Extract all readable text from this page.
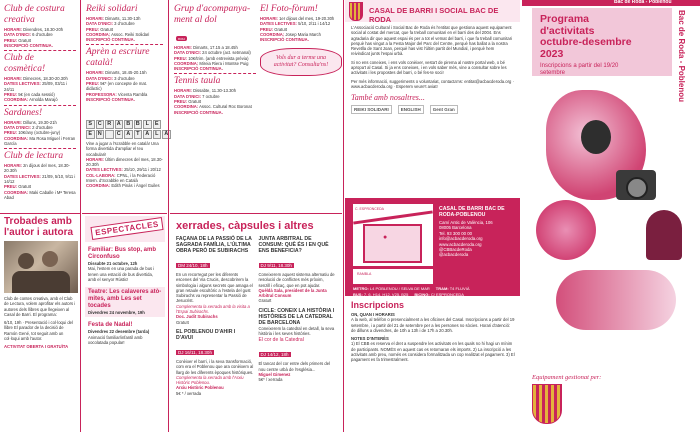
Club de costura creativa
HORARI: Divendres, 18.30-20h
DATA D'INICI: 6 d'octubre
PREU: Gratuït
INSCRIPCIÓ CONTINUA.
Club de cosmètica!
HORARI: Dimecres, 18.30-20.30h
DATES LECTIVES: 25/09, 03/11 i 24/11
PREU: 5€ (en cada sessió)
COORDINA: Arnolda Marajó
Sardanes!
HORARI: Dilluns, 19.30-21h
DATA D'INICI: 2 d'octubre
PREU: 10€/any (octubre-juny)
COORDINA: Ma Rosa Miguel i Ferran García
Club de lectura
HORARI: 2n dijous del mes, 18.30-20.30h
DATES LECTIVES: 21/09, 5/10, 9/11 i 14/12
PREU: Gratuït
COORDINA: Maki Caballe i Mª Teresa Abad
Trobades amb l'autor i autora
Club de contes creativa, amb el Club de Lectura, volem aprofitar els autors i autores dels llibres que llegeixen al Casal de Barri. El programa:
6/10, 19h · Presentació i col·loqui del llibre El parador de la decisió de Ramón Gené, tot seguit amb un col·loqui amb l'autor.
ACTIVITAT OBERTA I GRATUÏTA
Reiki solidari
HORARI: Dimarts, 11.30-13h
DATA D'INICI: 3 d'octubre
PREU: Gratuït
COORDINA: Assoc. Reiki Solidari
INSCRIPCIÓ CONTINUA.
Aprèn a escriure català!
HORARI: Dimarts, 18.45-20.15h
DATA D'INICI: 3 d'octubre
PREU: 5€* (en concepte de mat. didàctic)
PROFESSORA: Vicenta Rambla
INSCRIPCIÓ CONTINUA.
S	C	R	A	B	B	L	E
E	N	C	A	T	A	L	À
Vine a jugar a l'scrabble en català! Una forma divertida d'ampliar el teu vocabulari!
HORARI: Últim dimecres del mes, 18.30-20.30h
DATES LECTIVES: 25/10, 29/11 i 20/12
COL·LABORA: CPNL, i la Federació Intern. d'Scrabble en Català
COORDINA: Edith Pinás i Àngel Guiles
ESPECTACLES
Familiar: Bus stop, amb Circonfuso
Dissabte 21 octubre, 12h
Mai, l'estem en una parada de bus i tenen una estació de bus divertida, amb el senyor Rústic!
Teatre: Les calaveres atò-mites, amb Les set tocades
Divendres 24 novembre, 19h
Festa de Nadal!
Divendres 22 desembre (tarda)
Animació familiar/infantil amb xocolatada popular!
Grup d'acompanya-ment al dol
nou
HORARI: Dimarts, 17.15 a 18.45h
DATA D'INICI: 24 octubre (act. setmanal)
PREU: 10€/trim. (amb entrevista prèvia)
COORDINA: Mireia Riera i Montse Puig
INSCRIPCIÓ CONTINUA.
Tennis taula
HORARI: Dissabte, 11.30-13.30h
DATA D'INICI: 7 octubre
PREU: Gratuït
COORDINA: Assoc. Cultural Roc Boronat
INSCRIPCIÓ CONTINUA.
El Foto-fòrum!
HORARI: 1er dijous del mes, 19-20.30h
DATES LECTIVES: 5/10, 2/11 i 14/12
PREU: Gratuït
COORDINA: Josep Maria March
INSCRIPCIÓ CONTINUA.
Vols dur a terme una activitat? Consulta'ns!
xerrades, càpsules i altres
FAÇANA DE LA PASSIÓ DE LA SAGRADA FAMÍLIA, L'ÚLTIMA OBRA PERÒ DE SUBIRACHS
DM 24/10, 18h
En un recorregut per les diferents escenes del Via Crucis, descobrirem la simbologia i alguns secrets que amaga el gran retaule escultòric a l'estela del gust Subirachs va representar la Passió de Jesucrist.
Complementa la xerrada amb la visita a l'Espai Subirachs.
Doc. Judit Subirachs
Gratuït
EL POBLENOU D'AHIR I D'AVUI
DJ 16/11, 18.30h
Conèixer el barri, i la seva transformació, com era el Poblenou que ara conèixem al llarg de les diferents èpoques històriques.
Complementa la xerrada amb l'Arxiu Històric Poblenou.
Arxiu Històric Poblenou
5€ * / xerrada
JUNTA ARBITRAL DE CONSUM: QUÈ ÉS I EN QUÈ ENS BENEFICIA?
DJ 9/11, 18.30h
Coneixerem aquest sistema alternatiu de resolució de conflictes més pròxim, senzill i eficaç, que en pot ajudar.
Quèldà Sala, president de la Junta Arbitral Consum
Gratuït
CICLE: CONEIX LA HISTÒRIA I HISTÒRIES DE LA CATEDRAL DE BARCELONA
Coneixerem la catedral en detall, la seva història i les seves històries.
El cor de la Catedral
DJ 14/12, 18h
El tancat del cor entre dels primers del nou centre urbà de l'església...
Miguel Gimenez
5€* / xerrada
CASAL DE BARRI I SOCIAL BAC DE RODA
L'Associació Cultural i Social Bac de Roda és l'entitat que gestiona aquest equipament social al costat del mercat, que fa treball comunitari en el barri des del 2004. Ens agradaria dir que aquest espai és per a tot el veïnat del barri, i que fa treball comunitari perquè has vingut a la Festa Major del Parc del Centre, perquè has ballat a la nostra Revetlla de Sant Joan, perquè has vist l'últim partit del Mundial, i perquè hem reivindicat junts l'espai urbà.
Si no ens coneixes, i ens vols conèixer, vesta't de pirema al nostre portal web, o bé apropa't al Casal. Si ja ens coneixes, i en vols saber més, vine a consultar sobre les activitats i les propostes del barri, o bé fes-te soci!
Per més informació, suggeriments o voluntariat, contacta'ns: entitat@acbacderoda.org · www.acbacderoda.org · Esperem veure't aviat!
També amb nosaltres...
REIKI SOLIDARI	ENGLISH	Gent Gran
●
C. ESPRONCEDA
RAMBLA
CASAL DE BARRI BAC DE RODA-POBLENOU
Camí Antic de València, 106
08005 Barcelona
Tel. 93 300 00 00
info@acbacderoda.org
www.acbacderoda.org
@CBBacdeRoda
@acbacderoda
METRO: L4 POBLENOU / SELVA DE MAR TRAM: T4 FLUVIÀ
BUS: 7, 6, H14, H12, V25, B25 BICING: C/ ESPRONCEDA
Inscripcions
ON, QUAN I HORARIS
A la web, al telèfon o presencialment a les oficines del Casal. Inscripcions a partir del 19 setembre, i a partir del 21 de setembre per a les persones no sòcies. Horari d'atenció: de dilluns a divendres, de 10h a 13h i de 17h a 20.30h.
NOTES D'INTERÈS
1) El CBB es reserva el dret a suspendre les activitats en les quals no hi hagi un mínim de participants. NOMÉS en aquest cas es retornaran els imports. 2) La inscripció a les activitats amb preu, només es considera formalitzada un cop realitzat el pagament. 3) El pagament es fa trimestralment.
Bac de Roda - Poblenou
Programa d'activitats octubre-desembre 2023
Inscripcions a partir del 19/20 setembre	Bac de Roda - Poblenou
Equipament gestionat per:
